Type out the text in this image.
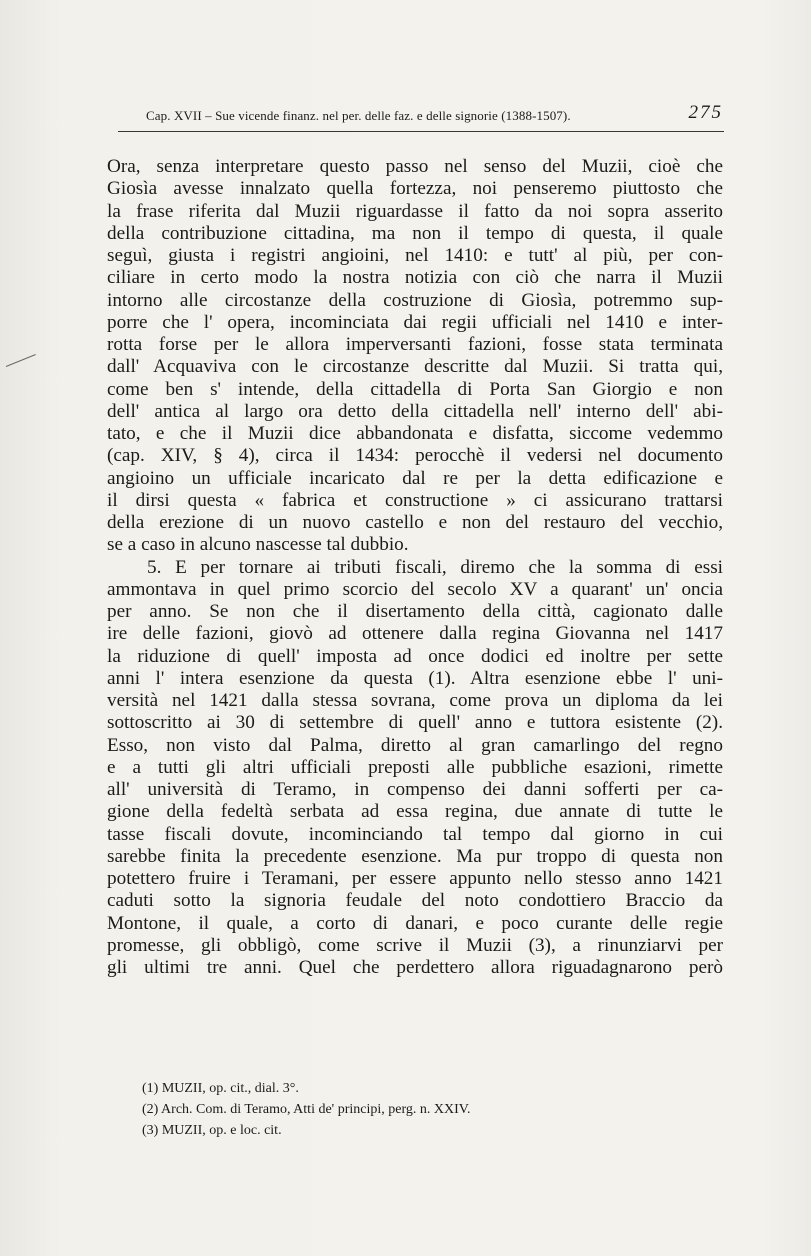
Cap. XVII – Sue vicende finanz. nel per. delle faz. e delle signorie (1388-1507).	275
Ora, senza interpretare questo passo nel senso del Muzii, cioè che
Giosìa avesse innalzato quella fortezza, noi penseremo piuttosto che
la frase riferita dal Muzii riguardasse il fatto da noi sopra asserito
della contribuzione cittadina, ma non il tempo di questa, il quale
seguì, giusta i registri angioini, nel 1410: e tutt' al più, per con-
ciliare in certo modo la nostra notizia con ciò che narra il Muzii
intorno alle circostanze della costruzione di Giosìa, potremmo sup-
porre che l' opera, incominciata dai regii ufficiali nel 1410 e inter-
rotta forse per le allora imperversanti fazioni, fosse stata terminata
dall' Acquaviva con le circostanze descritte dal Muzii. Si tratta qui,
come ben s' intende, della cittadella di Porta San Giorgio e non
dell' antica al largo ora detto della cittadella nell' interno dell' abi-
tato, e che il Muzii dice abbandonata e disfatta, siccome vedemmo
(cap. XIV, § 4), circa il 1434: perocchè il vedersi nel documento
angioino un ufficiale incaricato dal re per la detta edificazione e
il dirsi questa « fabrica et constructione » ci assicurano trattarsi
della erezione di un nuovo castello e non del restauro del vecchio,
se a caso in alcuno nascesse tal dubbio.
5. E per tornare ai tributi fiscali, diremo che la somma di essi
ammontava in quel primo scorcio del secolo XV a quarant' un' oncia
per anno. Se non che il disertamento della città, cagionato dalle
ire delle fazioni, giovò ad ottenere dalla regina Giovanna nel 1417
la riduzione di quell' imposta ad once dodici ed inoltre per sette
anni l' intera esenzione da questa (1). Altra esenzione ebbe l' uni-
versità nel 1421 dalla stessa sovrana, come prova un diploma da lei
sottoscritto ai 30 di settembre di quell' anno e tuttora esistente (2).
Esso, non visto dal Palma, diretto al gran camarlingo del regno
e a tutti gli altri ufficiali preposti alle pubbliche esazioni, rimette
all' università di Teramo, in compenso dei danni sofferti per ca-
gione della fedeltà serbata ad essa regina, due annate di tutte le
tasse fiscali dovute, incominciando tal tempo dal giorno in cui
sarebbe finita la precedente esenzione. Ma pur troppo di questa non
potettero fruire i Teramani, per essere appunto nello stesso anno 1421
caduti sotto la signoria feudale del noto condottiero Braccio da
Montone, il quale, a corto di danari, e poco curante delle regie
promesse, gli obbligò, come scrive il Muzii (3), a rinunziarvi per
gli ultimi tre anni. Quel che perdettero allora riguadagnarono però
(1) MUZII, op. cit., dial. 3°.
(2) Arch. Com. di Teramo, Atti de' principi, perg. n. XXIV.
(3) MUZII, op. e loc. cit.
